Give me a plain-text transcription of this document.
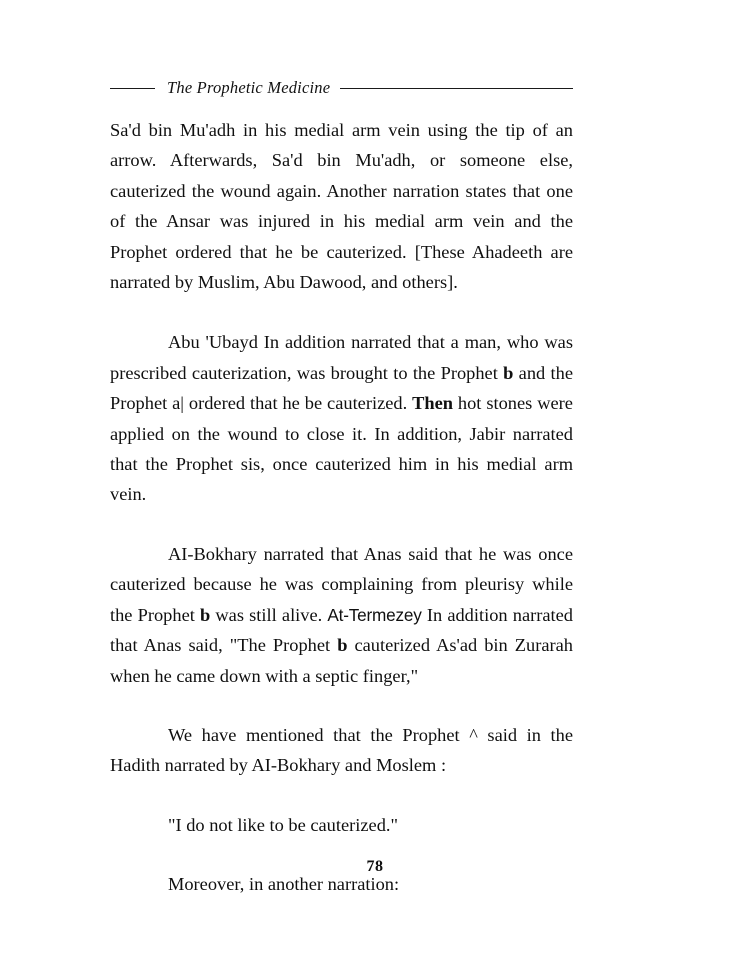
The Prophetic Medicine

Sa'd bin Mu'adh in his medial arm vein using the tip of an arrow. Afterwards, Sa'd bin Mu'adh, or someone else, cauterized the wound again. Another narration states that one of the Ansar was injured in his medial arm vein and the Prophet ordered that he be cauterized. [These Ahadeeth are narrated by Muslim, Abu Dawood, and others].

Abu 'Ubayd In addition narrated that a man, who was prescribed cauterization, was brought to the Prophet b and the Prophet a| ordered that he be cauterized. Then hot stones were applied on the wound to close it. In addition, Jabir narrated that the Prophet sis, once cauterized him in his medial arm vein.

AI-Bokhary narrated that Anas said that he was once cauterized because he was complaining from pleurisy while the Prophet b was still alive. At-Termezey In addition narrated that Anas said, "The Prophet b cauterized As'ad bin Zurarah when he came down with a septic finger,"

We have mentioned that the Prophet ^ said in the Hadith narrated by AI-Bokhary and Moslem :

"I do not like to be cauterized."

Moreover, in another narration:

78
